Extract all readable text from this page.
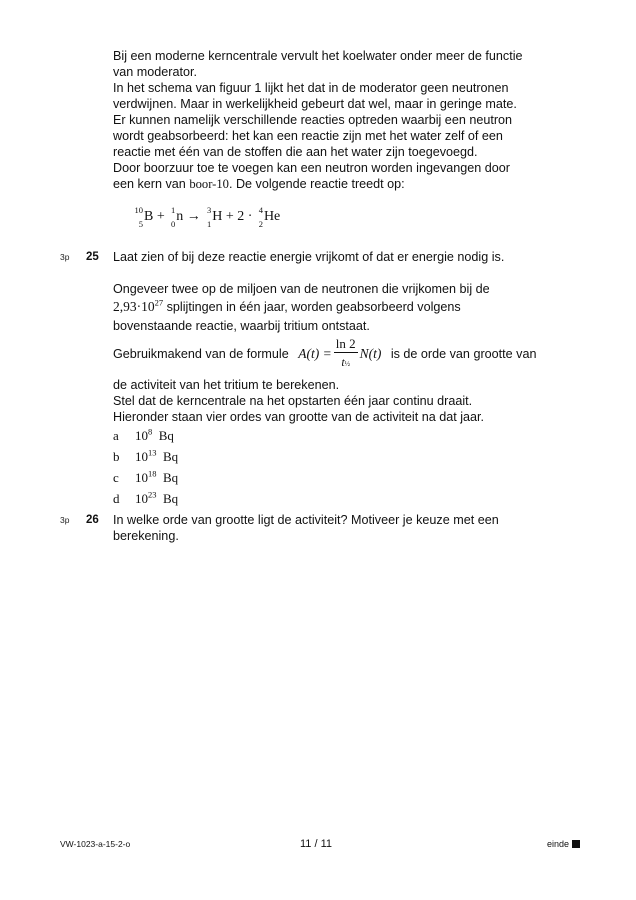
Bij een moderne kerncentrale vervult het koelwater onder meer de functie
van moderator.
In het schema van figuur 1 lijkt het dat in de moderator geen neutronen
verdwijnen. Maar in werkelijkheid gebeurt dat wel, maar in geringe mate.
Er kunnen namelijk verschillende reacties optreden waarbij een neutron
wordt geabsorbeerd: het kan een reactie zijn met het water zelf of een
reactie met één van de stoffen die aan het water zijn toegevoegd.
Door boorzuur toe te voegen kan een neutron worden ingevangen door
een kern van boor-10. De volgende reactie treedt op:
10
5 B + 1
0 n → 3
1 H + 2 · 4
2 He
3p 25 Laat zien of bij deze reactie energie vrijkomt of dat er energie nodig is.
Ongeveer twee op de miljoen van de neutronen die vrijkomen bij de
$2,93\cdot 10^{27}$ splijtingen in één jaar, worden geabsorbeerd volgens
bovenstaande reactie, waarbij tritium ontstaat.
Gebruikmakend van de formule $A(t) = \frac{\ln 2}{\text{t½}} N(t)$ is de orde van grootte van
de activiteit van het tritium te berekenen.
Stel dat de kerncentrale na het opstarten één jaar continu draait.
Hieronder staan vier ordes van grootte van de activiteit na dat jaar.
a $10^8$ Bq
b $10^{13}$ Bq
c $10^{18}$ Bq
d $10^{23}$ Bq
3p 26 In welke orde van grootte ligt de activiteit? Motiveer je keuze met een
berekening.
VW-1023-a-15-2-o	11 / 11	einde
